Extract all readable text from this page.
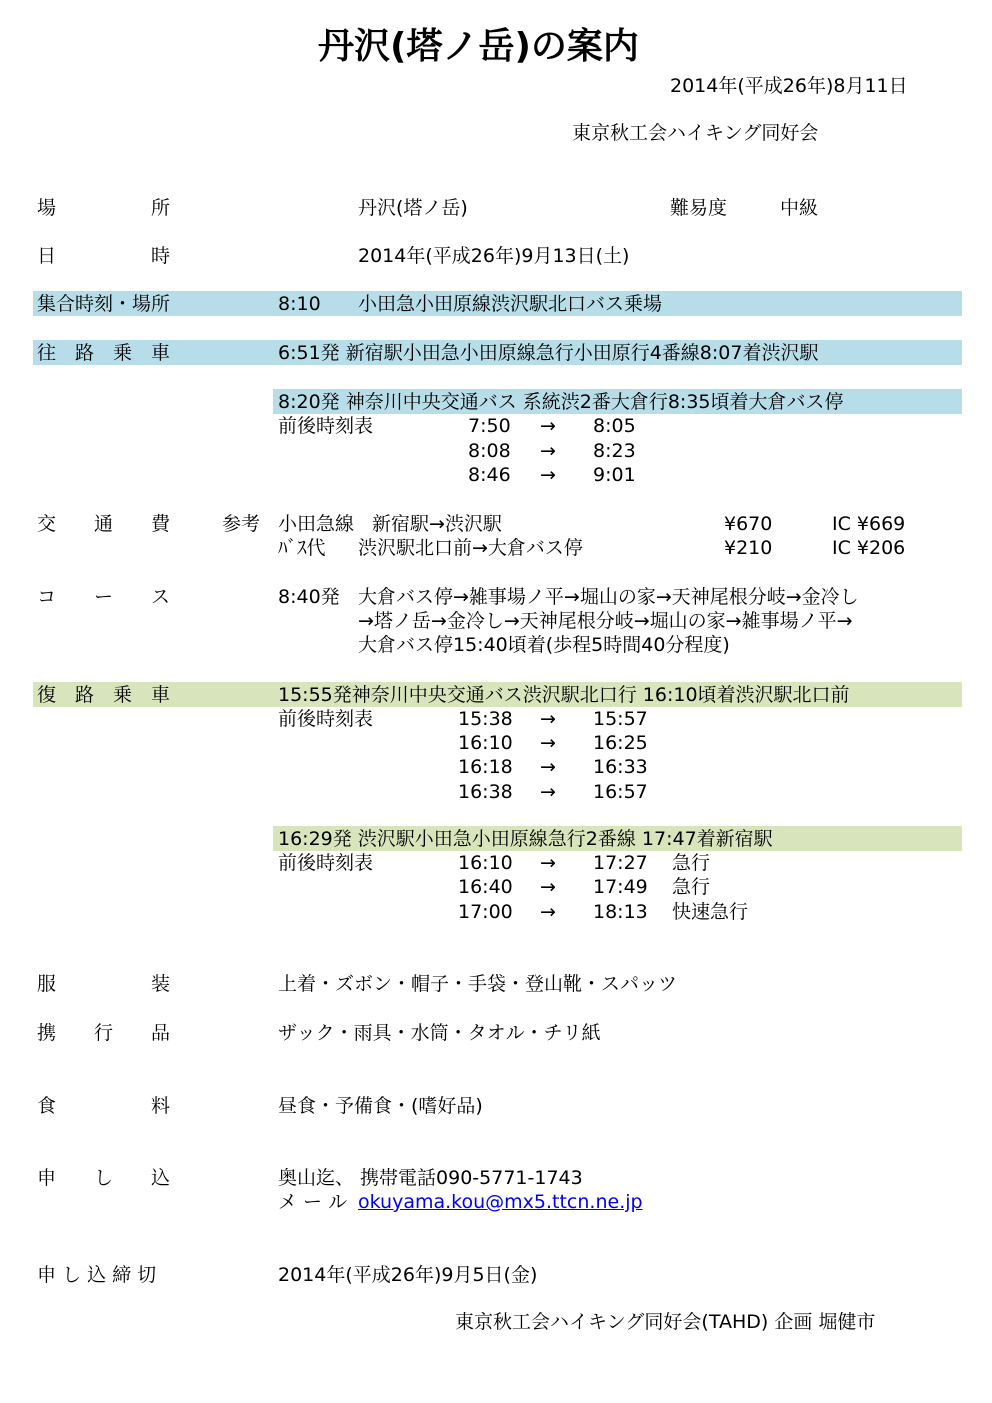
丹沢(塔ノ岳)の案内
2014年(平成26年)8月11日
東京秋工会ハイキング同好会
場　　　　　所	丹沢(塔ノ岳)	難易度	中級
日　　　　　時	2014年(平成26年)9月13日(土)
集合時刻・場所	8:10 小田急小田原線渋沢駅北口バス乗場
往　路　乗　車	6:51発 新宿駅小田急小田原線急行小田原行4番線8:07着渋沢駅
8:20発 神奈川中央交通バス 系統渋2番大倉行8:35頃着大倉バス停
前後時刻表	7:50 → 8:05
8:08 → 8:23
8:46 → 9:01
交　　通　　費	参考 小田急線 新宿駅→渋沢駅	¥670	IC ¥669
ﾊﾞｽ代 渋沢駅北口前→大倉バス停	¥210	IC ¥206
コ　　ー　　ス	8:40発 大倉バス停→雑事場ノ平→堀山の家→天神尾根分岐→金冷し
→塔ノ岳→金冷し→天神尾根分岐→堀山の家→雑事場ノ平→
大倉バス停15:40頃着(歩程5時間40分程度)
復　路　乗　車	15:55発神奈川中央交通バス渋沢駅北口行 16:10頃着渋沢駅北口前
前後時刻表	15:38 → 15:57
16:10 → 16:25
16:18 → 16:33
16:38 → 16:57
16:29発 渋沢駅小田急小田原線急行2番線 17:47着新宿駅
前後時刻表	16:10 → 17:27 急行
16:40 → 17:49 急行
17:00 → 18:13 快速急行
服　　　　　装	上着・ズボン・帽子・手袋・登山靴・スパッツ
携　　行　　品	ザック・雨具・水筒・タオル・チリ紙
食　　　　　料	昼食・予備食・(嗜好品)
申　　し　　込	奥山迄、 携帯電話090-5771-1743
メ ー ル okuyama.kou@mx5.ttcn.ne.jp
申 し 込 締 切	2014年(平成26年)9月5日(金)
東京秋工会ハイキング同好会(TAHD) 企画 堀健市
